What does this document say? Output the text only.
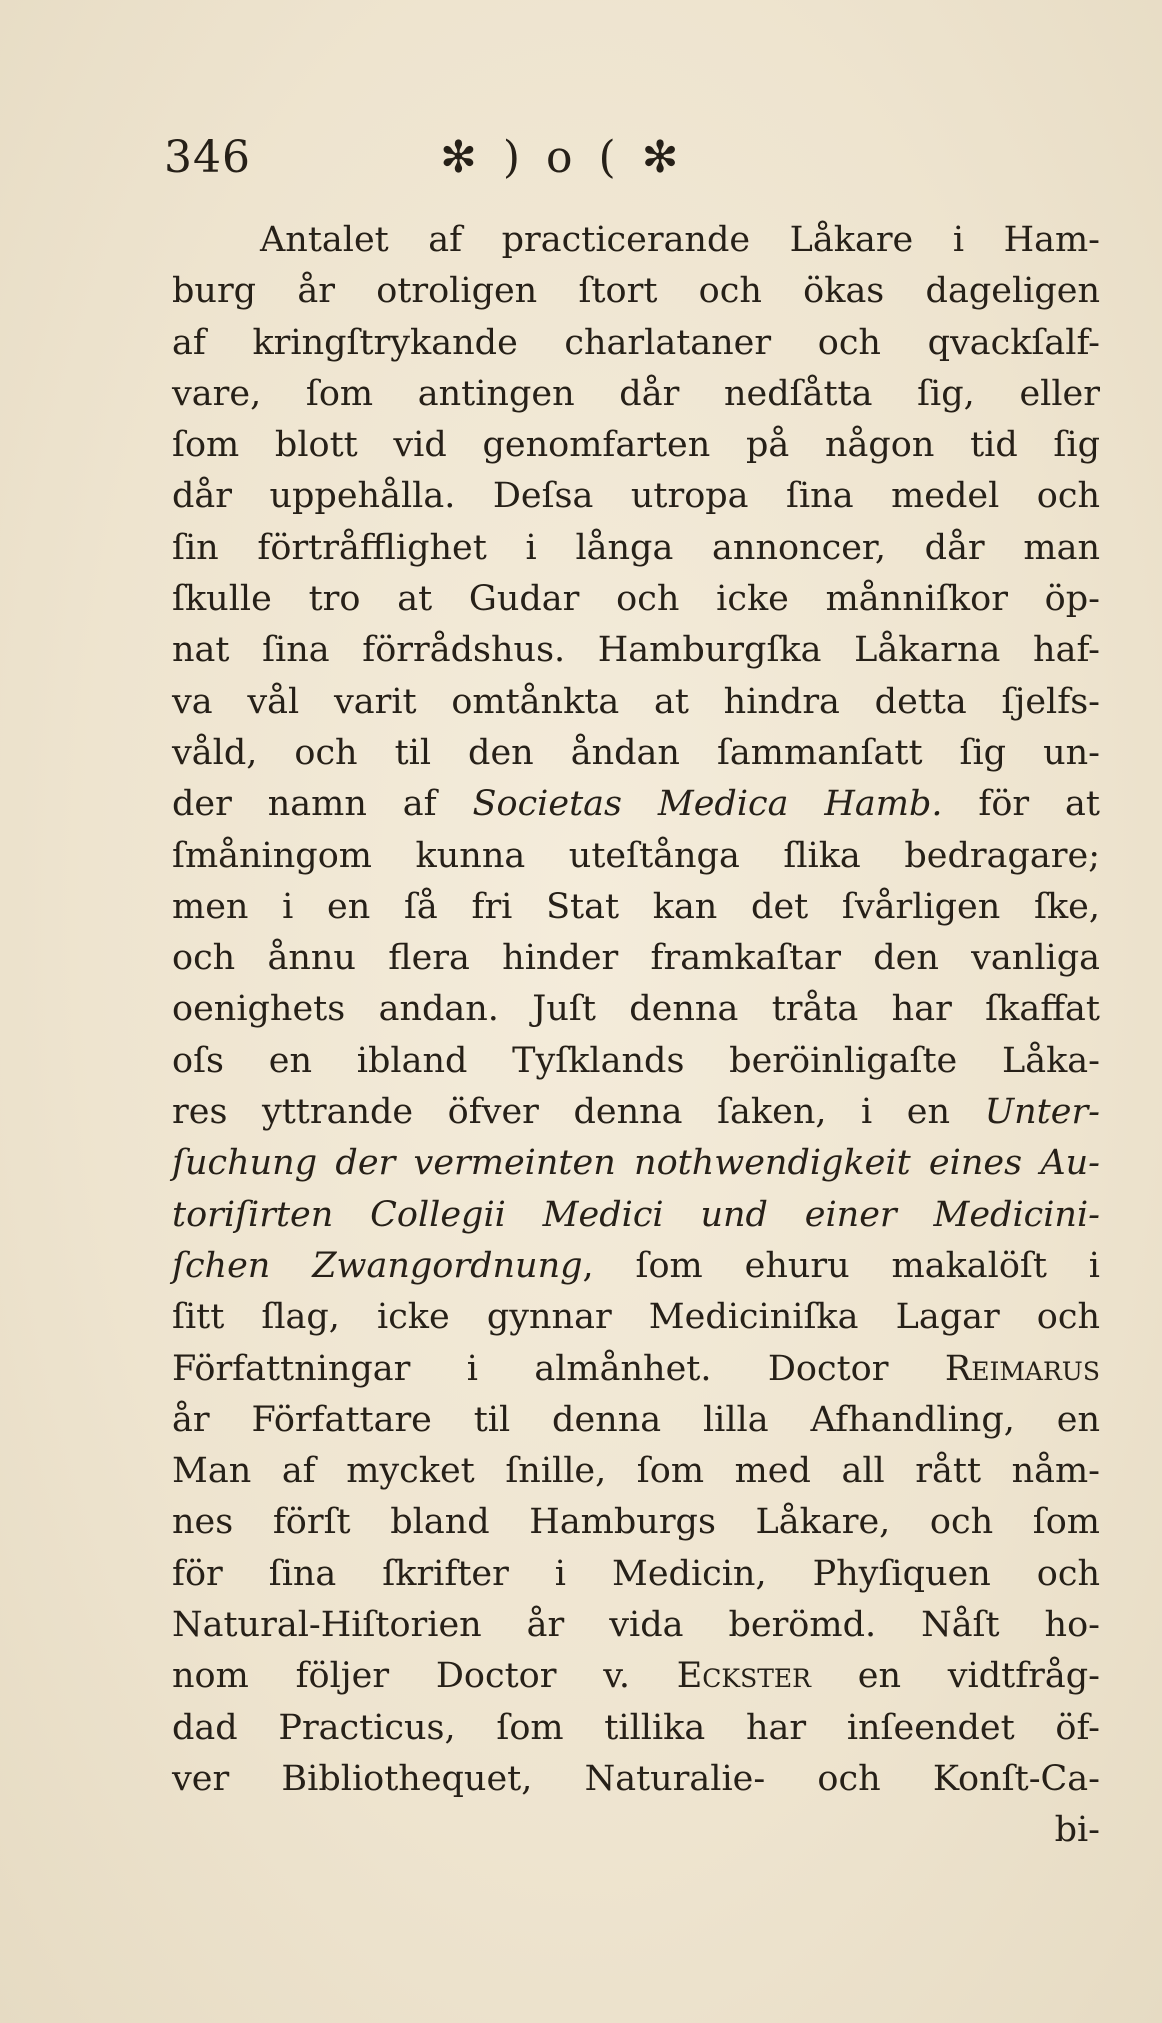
346	✻ ) o ( ✻
Antalet af practicerande Låkare i Ham-
burg år otroligen ſtort och ökas dageligen
af kringſtrykande charlataner och qvackſalf-
vare, ſom antingen dår nedſåtta ſig, eller
ſom blott vid genomfarten på någon tid ſig
dår uppehålla. Deſsa utropa ſina medel och
ſin förtråfflighet i långa annoncer, dår man
ſkulle tro at Gudar och icke månniſkor öp-
nat ſina förrådshus. Hamburgſka Låkarna haf-
va vål varit omtånkta at hindra detta ſjelfs-
våld, och til den åndan ſammanſatt ſig un-
der namn af Societas Medica Hamb. för at
ſmåningom kunna uteſtånga ſlika bedragare;
men i en ſå fri Stat kan det ſvårligen ſke,
och ånnu flera hinder framkaſtar den vanliga
oenighets andan. Juſt denna tråta har ſkaffat
oſs en ibland Tyſklands beröinligaſte Låka-
res yttrande öfver denna ſaken, i en Unter-
ſuchung der vermeinten nothwendigkeit eines Au-
toriſirten Collegii Medici und einer Medicini-
ſchen Zwangordnung, ſom ehuru makalöſt i
ſitt ſlag, icke gynnar Mediciniſka Lagar och
Författningar i almånhet. Doctor Reimarus
år Författare til denna lilla Afhandling, en
Man af mycket ſnille, ſom med all rått nåm-
nes förſt bland Hamburgs Låkare, och ſom
för ſina ſkrifter i Medicin, Phyſiquen och
Natural-Hiſtorien år vida berömd. Nåſt ho-
nom följer Doctor v. Eckster en vidtfråg-
dad Practicus, ſom tillika har inſeendet öf-
ver Bibliothequet, Naturalie- och Konſt-Ca-
bi-
